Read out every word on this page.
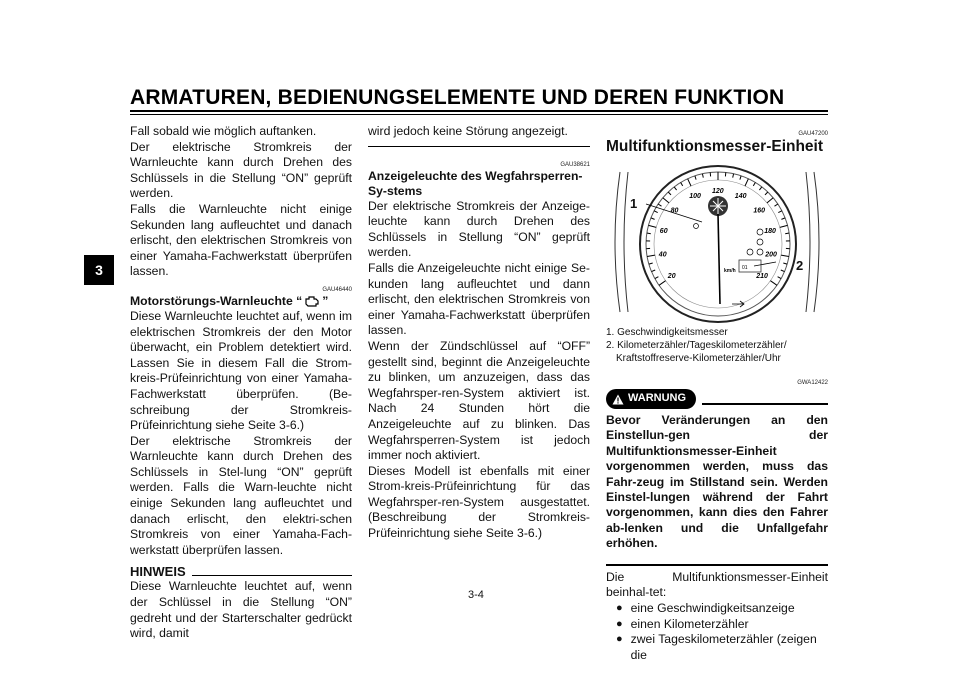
ARMATUREN, BEDIENUNGSELEMENTE UND DEREN FUNKTION
3

Fall sobald wie möglich auftanken.

Der elektrische Stromkreis der Warnleuchte kann durch Drehen des Schlüssels in die Stellung “ON” geprüft werden.

Falls die Warnleuchte nicht einige Sekunden lang aufleuchtet und danach erlischt, den elektrischen Stromkreis von einer Yamaha-Fachwerkstatt überprüfen lassen.

GAU46440

Motorstörungs-Warnleuchte “ ”

Diese Warnleuchte leuchtet auf, wenn im elektrischen Stromkreis der den Motor überwacht, ein Problem detektiert wird. Lassen Sie in diesem Fall die Strom-kreis-Prüfeinrichtung von einer Yamaha-Fachwerkstatt überprüfen. (Be-schreibung der Stromkreis-Prüfeinrichtung siehe Seite 3-6.)

Der elektrische Stromkreis der Warnleuchte kann durch Drehen des Schlüssels in Stel-lung “ON” geprüft werden. Falls die Warn-leuchte nicht einige Sekunden lang aufleuchtet und danach erlischt, den elektri-schen Stromkreis von einer Yamaha-Fach-werkstatt überprüfen lassen.

HINWEIS

Diese Warnleuchte leuchtet auf, wenn der Schlüssel in die Stellung “ON” gedreht und der Starterschalter gedrückt wird, damit

wird jedoch keine Störung angezeigt.

GAU38621

Anzeigeleuchte des Wegfahrsperren-Sy-stems

Der elektrische Stromkreis der Anzeige-leuchte kann durch Drehen des Schlüssels in Stellung “ON” geprüft werden.

Falls die Anzeigeleuchte nicht einige Se-kunden lang aufleuchtet und dann erlischt, den elektrischen Stromkreis von einer Yamaha-Fachwerkstatt überprüfen lassen.

Wenn der Zündschlüssel auf “OFF” gestellt sind, beginnt die Anzeigeleuchte zu blinken, um anzuzeigen, dass das Wegfahrsper-ren-System aktiviert ist. Nach 24 Stunden hört die Anzeigeleuchte auf zu blinken. Das Wegfahrsperren-System ist jedoch immer noch aktiviert.

Dieses Modell ist ebenfalls mit einer Strom-kreis-Prüfeinrichtung für das Wegfahrsper-ren-System ausgestattet. (Beschreibung der Stromkreis-Prüfeinrichtung siehe Seite 3-6.)

GAU47200

Multifunktionsmesser-Einheit

20
40
60
80
100
120
140
160
180
200
210
01
km/h
1
2
1. Geschwindigkeitsmesser
2. Kilometerzähler/Tageskilometerzähler/ Kraftstoffreserve-Kilometerzähler/Uhr
GWA12422
WARNUNG

Bevor Veränderungen an den Einstellun-gen der Multifunktionsmesser-Einheit vorgenommen werden, muss das Fahr-zeug im Stillstand sein. Werden Einstel-lungen während der Fahrt vorgenommen, kann dies den Fahrer ab-lenken und die Unfallgefahr erhöhen.

Die Multifunktionsmesser-Einheit beinhal-tet:

● eine Geschwindigkeitsanzeige
● einen Kilometerzähler
● zwei Tageskilometerzähler (zeigen die
3-4
